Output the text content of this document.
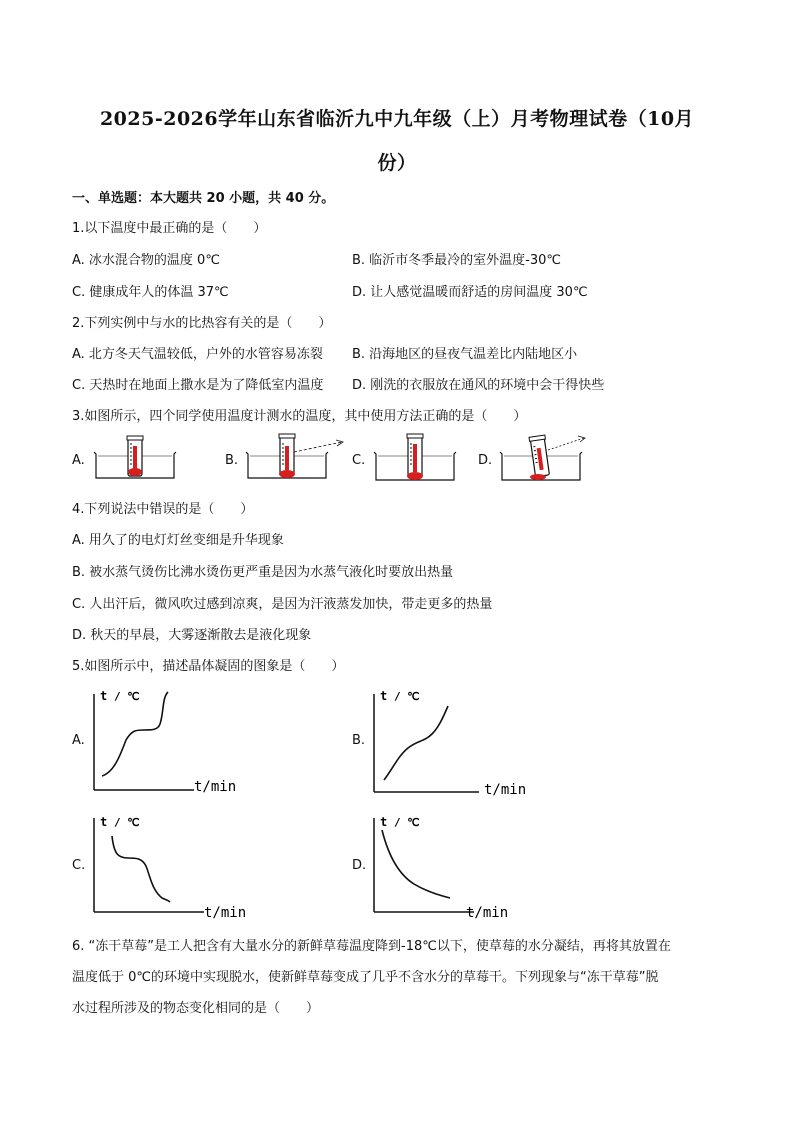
2025-2026学年山东省临沂九中九年级（上）月考物理试卷（10月
份）
一、单选题：本大题共 20 小题，共 40 分。
1.以下温度中最正确的是（　　）
A. 冰水混合物的温度 0℃	B. 临沂市冬季最冷的室外温度-30℃
C. 健康成年人的体温 37℃	D. 让人感觉温暖而舒适的房间温度 30℃
2.下列实例中与水的比热容有关的是（　　）
A. 北方冬天气温较低，户外的水管容易冻裂 B. 沿海地区的昼夜气温差比内陆地区小
C. 天热时在地面上撒水是为了降低室内温度 D. 刚洗的衣服放在通风的环境中会干得快些
3.如图所示，四个同学使用温度计测水的温度，其中使用方法正确的是（　　）
A.	B.	C.	D.
4.下列说法中错误的是（　　）
A. 用久了的电灯灯丝变细是升华现象
B. 被水蒸气烫伤比沸水烫伤更严重是因为水蒸气液化时要放出热量
C. 人出汗后，微风吹过感到凉爽，是因为汗液蒸发加快，带走更多的热量
D. 秋天的早晨，大雾逐渐散去是液化现象
5.如图所示中，描述晶体凝固的图象是（　　）
A.
t / ℃
t/min
B.
t / ℃
t/min
C.
t / ℃
t/min
D.
t / ℃
t/min
6. “冻干草莓”是工人把含有大量水分的新鲜草莓温度降到-18℃以下，使草莓的水分凝结，再将其放置在
温度低于 0℃的环境中实现脱水，使新鲜草莓变成了几乎不含水分的草莓干。下列现象与“冻干草莓”脱
水过程所涉及的物态变化相同的是（　　）
